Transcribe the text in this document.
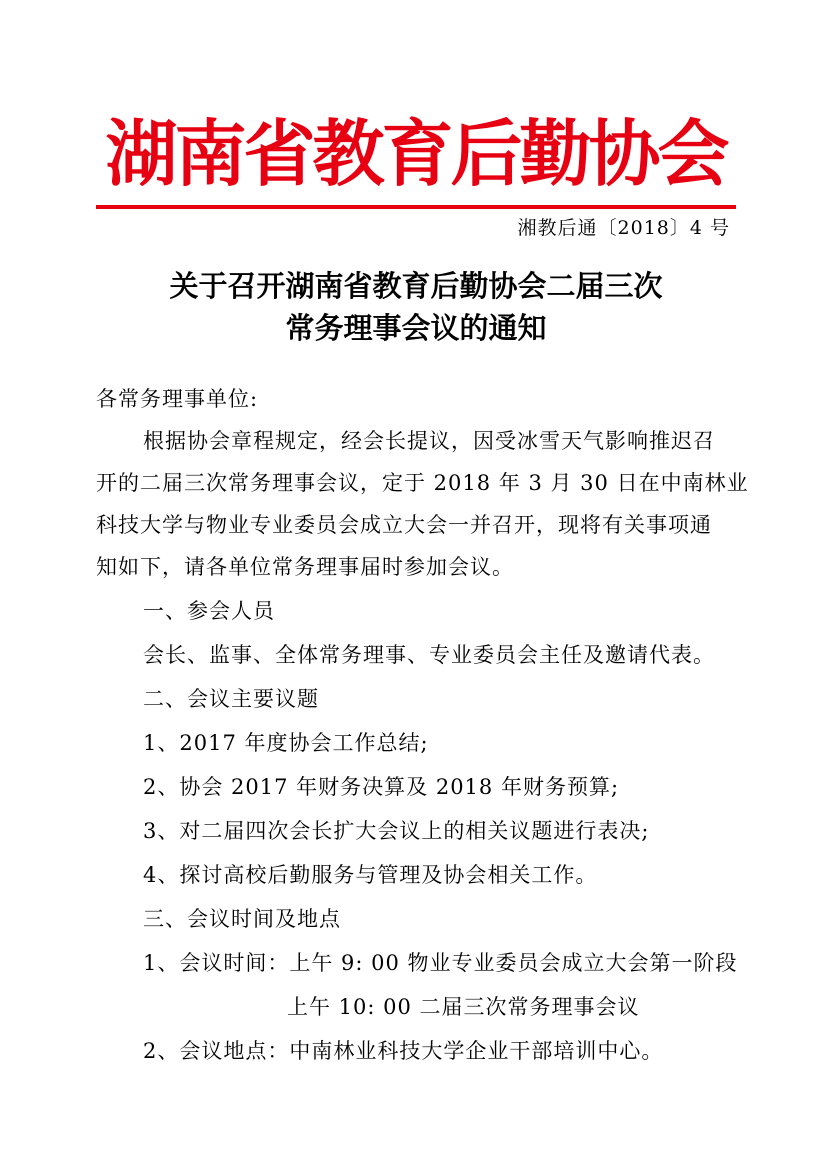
湖南省教育后勤协会
湘教后通〔2018〕4 号
关于召开湖南省教育后勤协会二届三次
常务理事会议的通知
各常务理事单位:
根据协会章程规定，经会长提议，因受冰雪天气影响推迟召
开的二届三次常务理事会议，定于 2018 年 3 月 30 日在中南林业
科技大学与物业专业委员会成立大会一并召开，现将有关事项通
知如下，请各单位常务理事届时参加会议。
一、参会人员
会长、监事、全体常务理事、专业委员会主任及邀请代表。
二、会议主要议题
1、2017 年度协会工作总结;
2、协会 2017 年财务决算及 2018 年财务预算;
3、对二届四次会长扩大会议上的相关议题进行表决;
4、探讨高校后勤服务与管理及协会相关工作。
三、会议时间及地点
1、会议时间：上午 9: 00 物业专业委员会成立大会第一阶段
上午 10: 00 二届三次常务理事会议
2、会议地点：中南林业科技大学企业干部培训中心。
